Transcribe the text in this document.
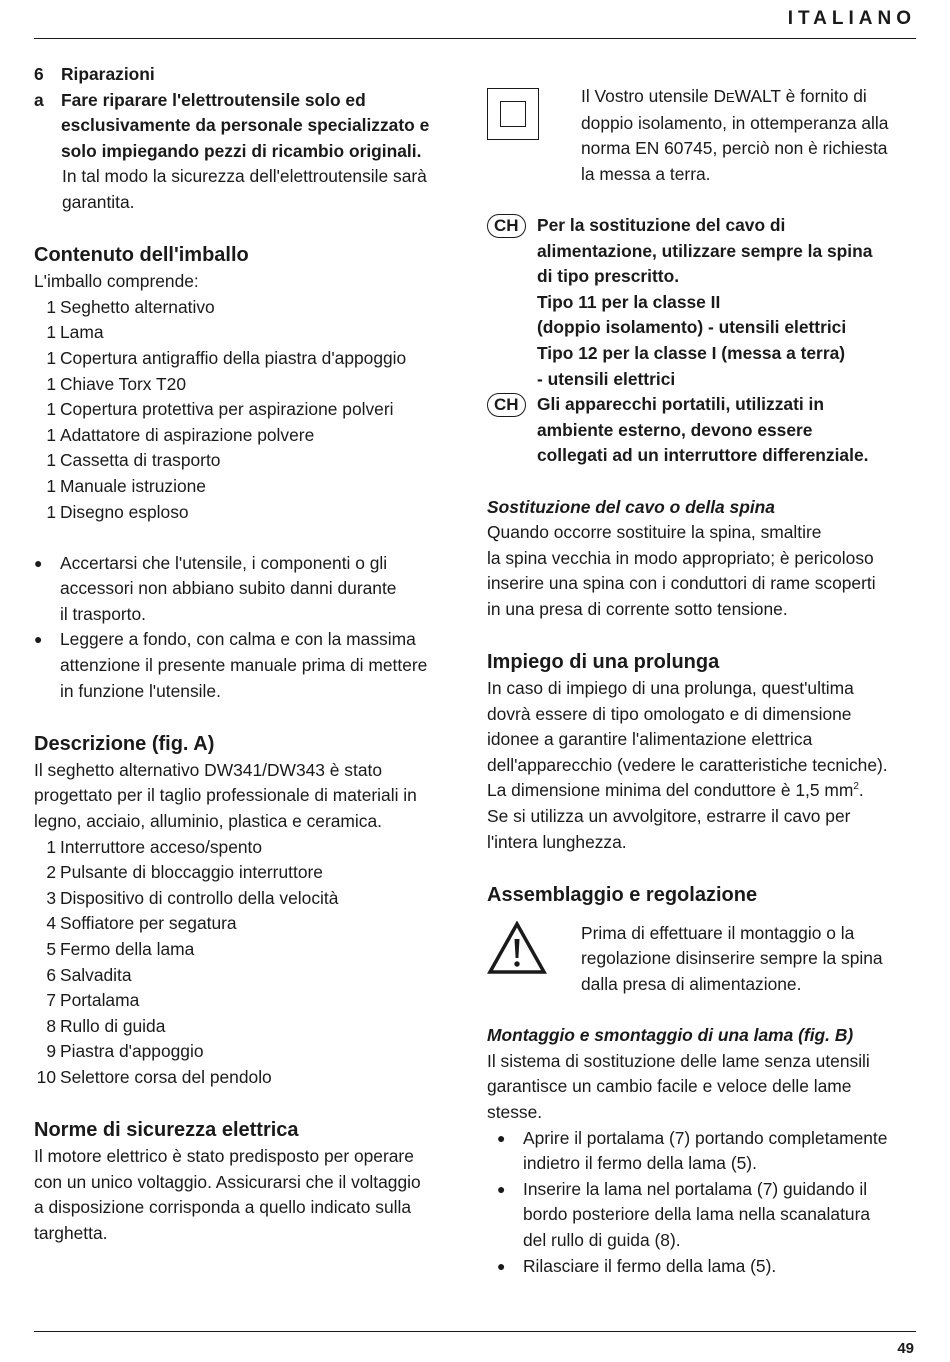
ITALIANO
6 Riparazioni
a Fare riparare l'elettroutensile solo ed
esclusivamente da personale specializzato e
solo impiegando pezzi di ricambio originali.
In tal modo la sicurezza dell'elettroutensile sarà
garantita.
Contenuto dell'imballo
L'imballo comprende:
1 Seghetto alternativo
1 Lama
1 Copertura antigraffio della piastra d'appoggio
1 Chiave Torx T20
1 Copertura protettiva per aspirazione polveri
1 Adattatore di aspirazione polvere
1 Cassetta di trasporto
1 Manuale istruzione
1 Disegno esploso
●	Accertarsi che l'utensile, i componenti o gli
accessori non abbiano subito danni durante
il trasporto.
●	Leggere a fondo, con calma e con la massima
attenzione il presente manuale prima di mettere
in funzione l'utensile.
Descrizione (fig. A)
Il seghetto alternativo DW341/DW343 è stato
progettato per il taglio professionale di materiali in
legno, acciaio, alluminio, plastica e ceramica.
1 Interruttore acceso/spento
2 Pulsante di bloccaggio interruttore
3 Dispositivo di controllo della velocità
4 Soffiatore per segatura
5 Fermo della lama
6 Salvadita
7 Portalama
8 Rullo di guida
9 Piastra d'appoggio
10 Selettore corsa del pendolo
Norme di sicurezza elettrica
Il motore elettrico è stato predisposto per operare
con un unico voltaggio. Assicurarsi che il voltaggio
a disposizione corrisponda a quello indicato sulla
targhetta.
Il Vostro utensile DEWALT è fornito di
doppio isolamento, in ottemperanza alla
norma EN 60745, perciò non è richiesta
la messa a terra.
CH	Per la sostituzione del cavo di
alimentazione, utilizzare sempre la spina
di tipo prescritto.
Tipo 11 per la classe II
(doppio isolamento) - utensili elettrici
Tipo 12 per la classe I (messa a terra)
- utensili elettrici
CH	Gli apparecchi portatili, utilizzati in
ambiente esterno, devono essere
collegati ad un interruttore differenziale.
Sostituzione del cavo o della spina
Quando occorre sostituire la spina, smaltire
la spina vecchia in modo appropriato; è pericoloso
inserire una spina con i conduttori di rame scoperti
in una presa di corrente sotto tensione.
Impiego di una prolunga
In caso di impiego di una prolunga, quest'ultima
dovrà essere di tipo omologato e di dimensione
idonee a garantire l'alimentazione elettrica
dell'apparecchio (vedere le caratteristiche tecniche).
La dimensione minima del conduttore è 1,5 $mm^2$.
Se si utilizza un avvolgitore, estrarre il cavo per
l'intera lunghezza.
Assemblaggio e regolazione
Prima di effettuare il montaggio o la
regolazione disinserire sempre la spina
dalla presa di alimentazione.
Montaggio e smontaggio di una lama (fig. B)
Il sistema di sostituzione delle lame senza utensili
garantisce un cambio facile e veloce delle lame
stesse.
●	Aprire il portalama (7) portando completamente
indietro il fermo della lama (5).
●	Inserire la lama nel portalama (7) guidando il
bordo posteriore della lama nella scanalatura
del rullo di guida (8).
●	Rilasciare il fermo della lama (5).
49
